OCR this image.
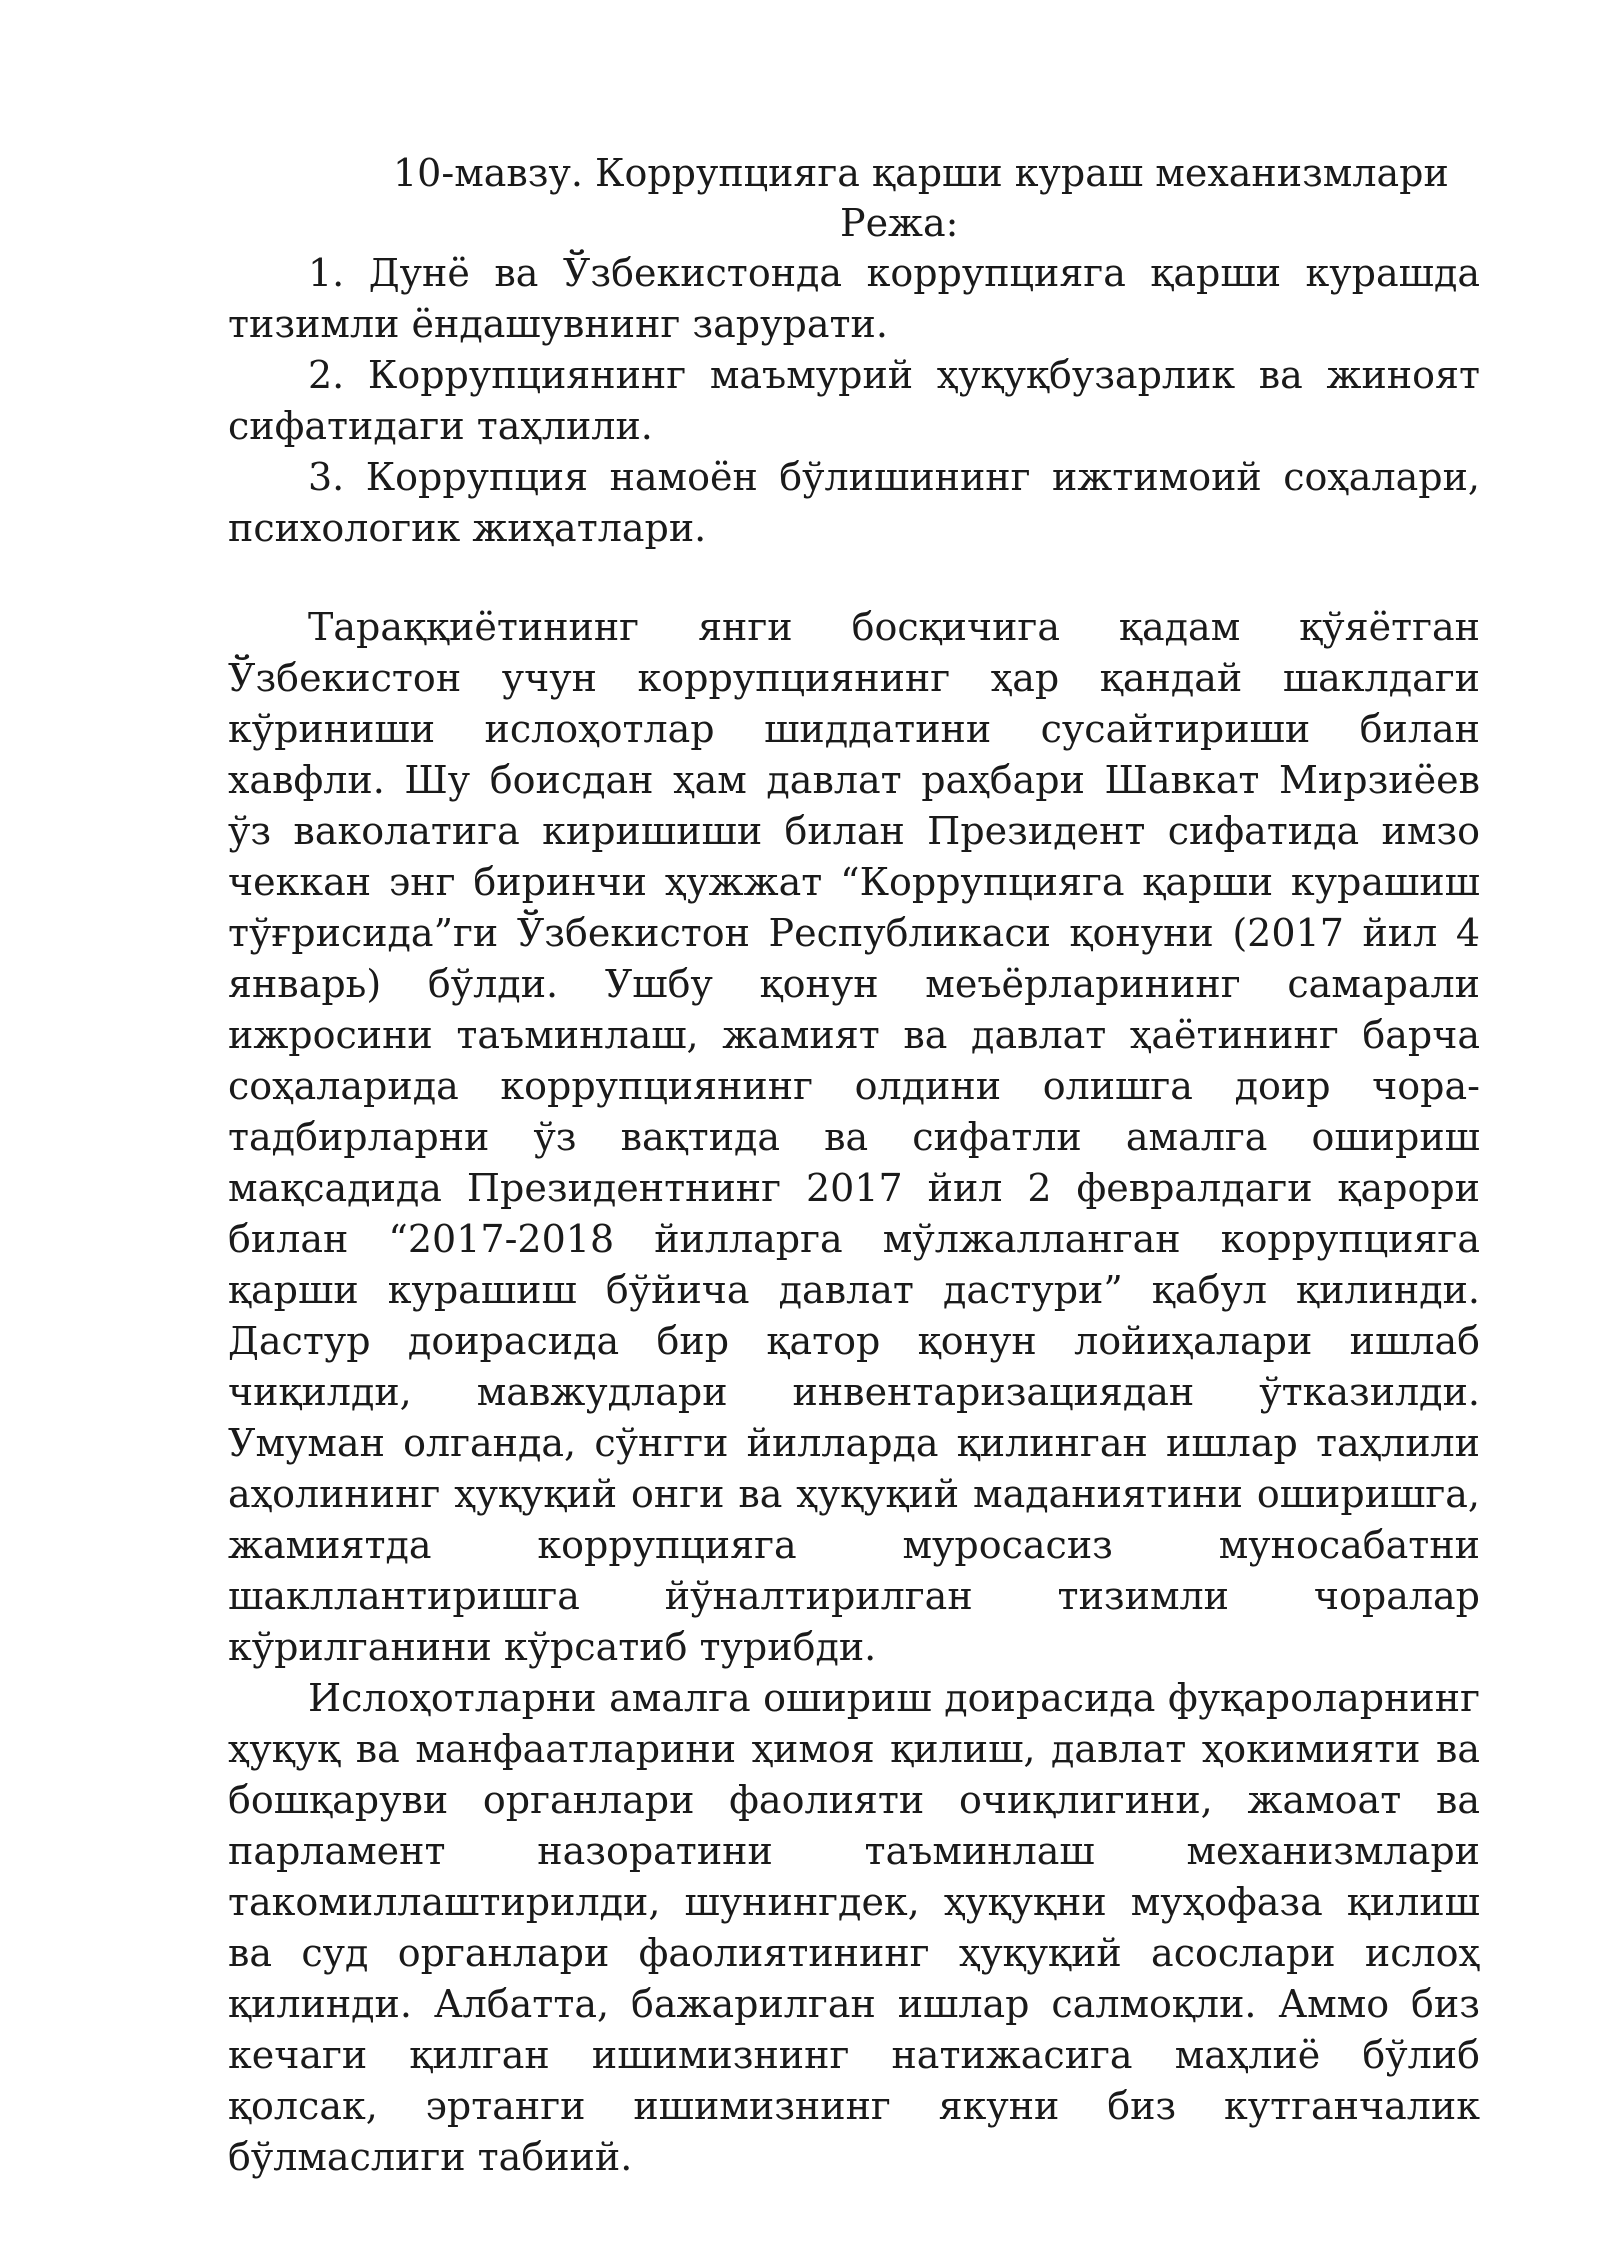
10-мавзу. Коррупцияга қарши кураш механизмлари
Режа:
1. Дунё ва Ўзбекистонда коррупцияга қарши курашда тизимли ёндашувнинг зарурати.
2. Коррупциянинг маъмурий ҳуқуқбузарлик ва жиноят сифатидаги таҳлили.
3. Коррупция намоён бўлишининг ижтимоий соҳалари, психологик жиҳатлари.

Тараққиётининг янги босқичига қадам қўяётган Ўзбекистон учун коррупциянинг ҳар қандай шаклдаги кўриниши ислоҳотлар шиддатини сусайтириши билан хавфли. Шу боисдан ҳам давлат раҳбари Шавкат Мирзиёев ўз ваколатига киришиши билан Президент сифатида имзо чеккан энг биринчи ҳужжат “Коррупцияга қарши курашиш тўғрисида”ги Ўзбекистон Республикаси қонуни (2017 йил 4 январь) бўлди. Ушбу қонун меъёрларининг самарали ижросини таъминлаш, жамият ва давлат ҳаётининг барча соҳаларида коррупциянинг олдини олишга доир чора-тадбирларни ўз вақтида ва сифатли амалга ошириш мақсадида Президентнинг 2017 йил 2 февралдаги қарори билан “2017-2018 йилларга мўлжалланган коррупцияга қарши курашиш бўйича давлат дастури” қабул қилинди. Дастур доирасида бир қатор қонун лойиҳалари ишлаб чиқилди, мавжудлари инвентаризациядан ўтказилди. Умуман олганда, сўнгги йилларда қилинган ишлар таҳлили аҳолининг ҳуқуқий онги ва ҳуқуқий маданиятини оширишга, жамиятда коррупцияга муросасиз муносабатни шакллантиришга йўналтирилган тизимли чоралар кўрилганини кўрсатиб турибди.

Ислоҳотларни амалга ошириш доирасида фуқароларнинг ҳуқуқ ва манфаатларини ҳимоя қилиш, давлат ҳокимияти ва бошқаруви органлари фаолияти очиқлигини, жамоат ва парламент назоратини таъминлаш механизмлари такомиллаштирилди, шунингдек, ҳуқуқни муҳофаза қилиш ва суд органлари фаолиятининг ҳуқуқий асослари ислоҳ қилинди. Албатта, бажарилган ишлар салмоқли. Аммо биз кечаги қилган ишимизнинг натижасига маҳлиё бўлиб қолсак, эртанги ишимизнинг якуни биз кутганчалик бўлмаслиги табиий.
